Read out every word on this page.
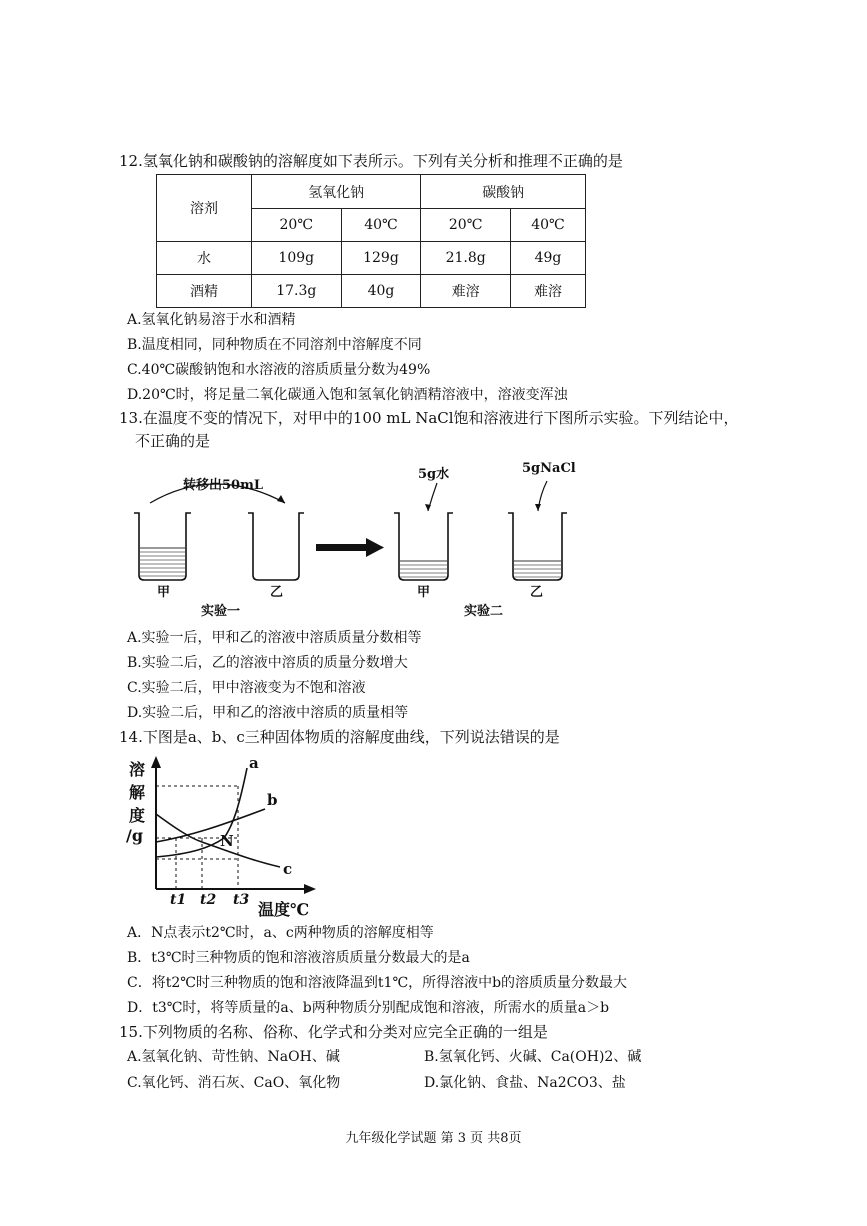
12.氢氧化钠和碳酸钠的溶解度如下表所示。下列有关分析和推理不正确的是
溶剂	氢氧化钠		碳酸钠	
	20℃	40℃	20℃	40℃
水	109g	129g	21.8g	49g
酒精	17.3g	40g	难溶	难溶
A.氢氧化钠易溶于水和酒精
B.温度相同，同种物质在不同溶剂中溶解度不同
C.40℃碳酸钠饱和水溶液的溶质质量分数为49%
D.20℃时，将足量二氧化碳通入饱和氢氧化钠酒精溶液中，溶液变浑浊
13.在温度不变的情况下，对甲中的100 mL NaCl饱和溶液进行下图所示实验。下列结论中，
不正确的是
转移出50mL
5g水	5gNaCl
甲	乙	甲	乙
实验一	实验二
A.实验一后，甲和乙的溶液中溶质质量分数相等
B.实验二后，乙的溶液中溶质的质量分数增大
C.实验二后，甲中溶液变为不饱和溶液
D.实验二后，甲和乙的溶液中溶质的质量相等
14.下图是a、b、c三种固体物质的溶解度曲线，下列说法错误的是
溶
解
度
/g
a
b
c
N
t1 t2 t3 温度℃
A．N点表示t2℃时，a、c两种物质的溶解度相等
B．t3℃时三种物质的饱和溶液溶质质量分数最大的是a
C．将t2℃时三种物质的饱和溶液降温到t1℃，所得溶液中b的溶质质量分数最大
D．t3℃时，将等质量的a、b两种物质分别配成饱和溶液，所需水的质量a＞b
15.下列物质的名称、俗称、化学式和分类对应完全正确的一组是
A.氢氧化钠、苛性钠、NaOH、碱	B.氢氧化钙、火碱、Ca(OH)2、碱
C.氧化钙、消石灰、CaO、氧化物	D.氯化钠、食盐、Na2CO3、盐
九年级化学试题 第 3 页 共8页
